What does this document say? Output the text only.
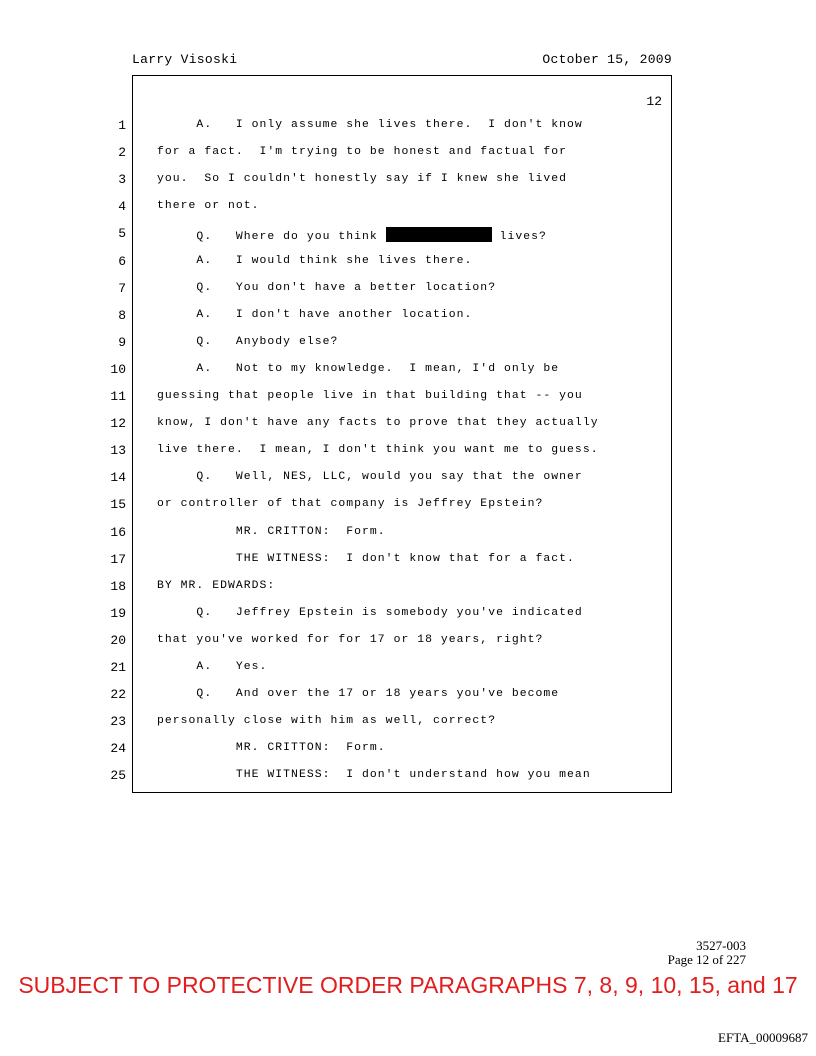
Larry Visoski	October 15, 2009
12
1	A.   I only assume she lives there.  I don't know
2	for a fact.  I'm trying to be honest and factual for
3	you.  So I couldn't honestly say if I knew she lived
4	there or not.
5	Q.   Where do you think	lives?
6	A.   I would think she lives there.
7	Q.   You don't have a better location?
8	A.   I don't have another location.
9	Q.   Anybody else?
10	A.   Not to my knowledge.  I mean, I'd only be
11	guessing that people live in that building that -- you
12	know, I don't have any facts to prove that they actually
13	live there.  I mean, I don't think you want me to guess.
14	Q.   Well, NES, LLC, would you say that the owner
15	or controller of that company is Jeffrey Epstein?
16	MR. CRITTON:  Form.
17	THE WITNESS:  I don't know that for a fact.
18	BY MR. EDWARDS:
19	Q.   Jeffrey Epstein is somebody you've indicated
20	that you've worked for for 17 or 18 years, right?
21	A.   Yes.
22	Q.   And over the 17 or 18 years you've become
23	personally close with him as well, correct?
24	MR. CRITTON:  Form.
25	THE WITNESS:  I don't understand how you mean
3527-003
Page 12 of 227
SUBJECT TO PROTECTIVE ORDER PARAGRAPHS 7, 8, 9, 10, 15, and 17
EFTA_00009687
